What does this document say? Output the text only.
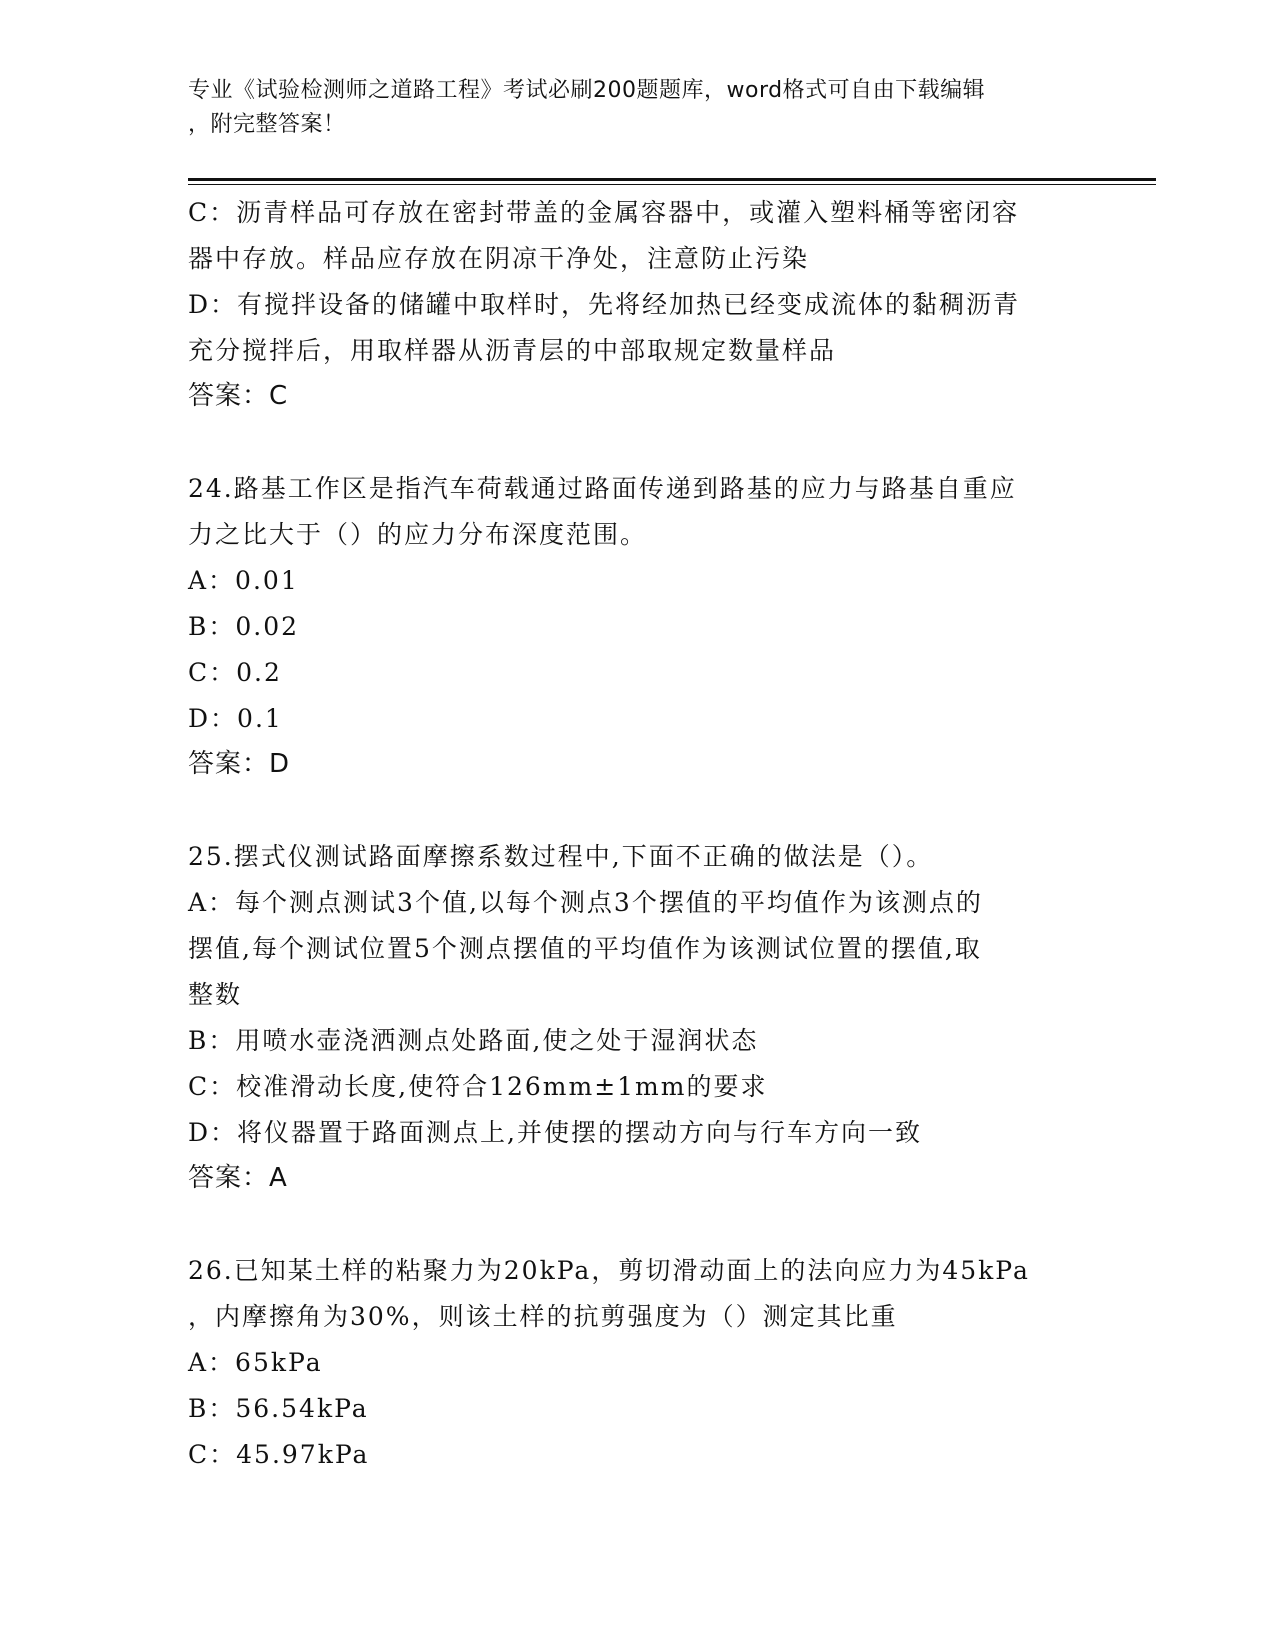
专业《试验检测师之道路工程》考试必刷200题题库，word格式可自由下载编辑
，附完整答案！
C：沥青样品可存放在密封带盖的金属容器中，或灌入塑料桶等密闭容
器中存放。样品应存放在阴凉干净处，注意防止污染
D：有搅拌设备的储罐中取样时，先将经加热已经变成流体的黏稠沥青
充分搅拌后，用取样器从沥青层的中部取规定数量样品
答案：C
24.路基工作区是指汽车荷载通过路面传递到路基的应力与路基自重应
力之比大于（）的应力分布深度范围。
A：0.01
B：0.02
C：0.2
D：0.1
答案：D
25.摆式仪测试路面摩擦系数过程中,下面不正确的做法是（）。
A：每个测点测试3个值,以每个测点3个摆值的平均值作为该测点的
摆值,每个测试位置5个测点摆值的平均值作为该测试位置的摆值,取
整数
B：用喷水壶浇洒测点处路面,使之处于湿润状态
C：校准滑动长度,使符合126mm±1mm的要求
D：将仪器置于路面测点上,并使摆的摆动方向与行车方向一致
答案：A
26.已知某土样的粘聚力为20kPa，剪切滑动面上的法向应力为45kPa
，内摩擦角为30%，则该土样的抗剪强度为（）测定其比重
A：65kPa
B：56.54kPa
C：45.97kPa
